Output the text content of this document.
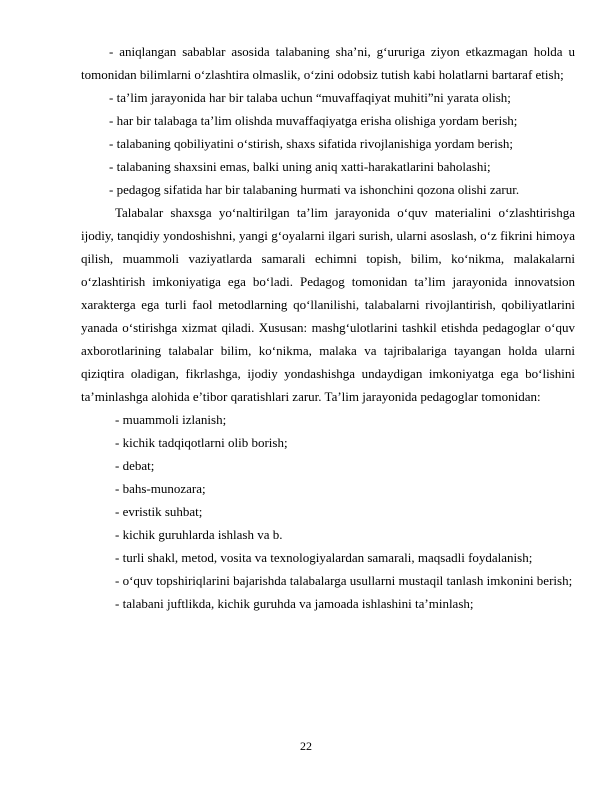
- aniqlangan sabablar asosida talabaning sha’ni, g‘ururiga ziyon etkazmagan holda u tomonidan bilimlarni o‘zlashtira olmaslik, o‘zini odobsiz tutish kabi holatlarni bartaraf etish;

- ta’lim jarayonida har bir talaba uchun “muvaffaqiyat muhiti”ni yarata olish;

- har bir talabaga ta’lim olishda muvaffaqiyatga erisha olishiga yordam berish;

- talabaning qobiliyatini o‘stirish, shaxs sifatida rivojlanishiga yordam berish;

- talabaning shaxsini emas, balki uning aniq xatti-harakatlarini baholashi;

- pedagog sifatida har bir talabaning hurmati va ishonchini qozona olishi zarur.

Talabalar shaxsga yo‘naltirilgan ta’lim jarayonida o‘quv materialini o‘zlashtirishga ijodiy, tanqidiy yondoshishni, yangi g‘oyalarni ilgari surish, ularni asoslash, o‘z fikrini himoya qilish, muammoli vaziyatlarda samarali echimni topish, bilim, ko‘nikma, malakalarni o‘zlashtirish imkoniyatiga ega bo‘ladi. Pedagog tomonidan ta’lim jarayonida innovatsion xarakterga ega turli faol metodlarning qo‘llanilishi, talabalarni rivojlantirish, qobiliyatlarini yanada o‘stirishga xizmat qiladi. Xususan: mashg‘ulotlarini tashkil etishda pedagoglar o‘quv axborotlarining talabalar bilim, ko‘nikma, malaka va tajribalariga tayangan holda ularni qiziqtira oladigan, fikrlashga, ijodiy yondashishga undaydigan imkoniyatga ega bo‘lishini ta’minlashga alohida e’tibor qaratishlari zarur. Ta’lim jarayonida pedagoglar tomonidan:

- muammoli izlanish;

- kichik tadqiqotlarni olib borish;

- debat;

- bahs-munozara;

- evristik suhbat;

- kichik guruhlarda ishlash va b.

- turli shakl, metod, vosita va texnologiyalardan samarali, maqsadli foydalanish;

- o‘quv topshiriqlarini bajarishda talabalarga usullarni mustaqil tanlash imkonini berish;

- talabani juftlikda, kichik guruhda va jamoada ishlashini ta’minlash;

22
